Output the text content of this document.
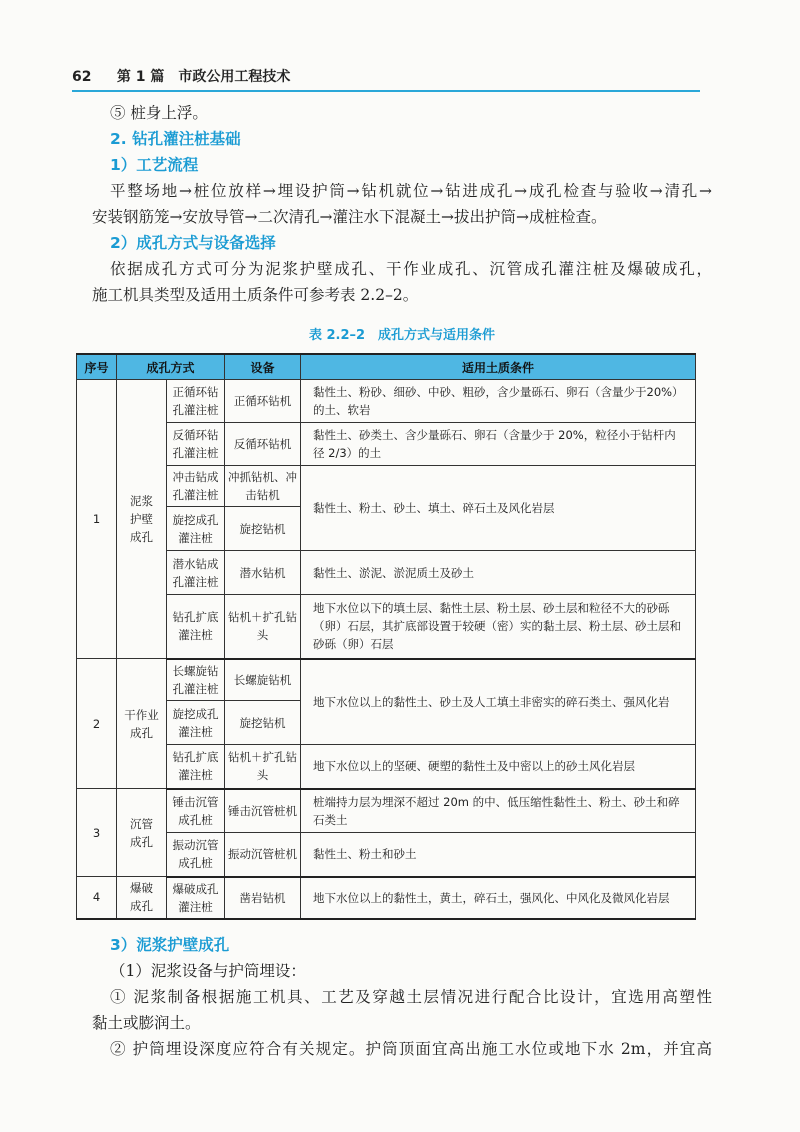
62 第 1 篇　市政公用工程技术

⑤ 桩身上浮。

2. 钻孔灌注桩基础

1）工艺流程

平整场地→桩位放样→埋设护筒→钻机就位→钻进成孔→成孔检查与验收→清孔→

安装钢筋笼→安放导管→二次清孔→灌注水下混凝土→拔出护筒→成桩检查。

2）成孔方式与设备选择

依据成孔方式可分为泥浆护壁成孔、干作业成孔、沉管成孔灌注桩及爆破成孔，

施工机具类型及适用土质条件可参考表 2.2–2。

表 2.2–2　成孔方式与适用条件
序号	成孔方式		设备	适用土质条件
1	泥浆护壁成孔	正循环钻孔灌注桩	正循环钻机	黏性土、粉砂、细砂、中砂、粗砂，含少量砾石、卵石（含量少于20%）的土、软岩
		反循环钻孔灌注桩	反循环钻机	黏性土、砂类土、含少量砾石、卵石（含量少于 20%，粒径小于钻杆内径 2/3）的土
		冲击钻成孔灌注桩	冲抓钻机、冲击钻机	黏性土、粉土、砂土、填土、碎石土及风化岩层
		旋挖成孔灌注桩	旋挖钻机	
		潜水钻成孔灌注桩	潜水钻机	黏性土、淤泥、淤泥质土及砂土
		钻孔扩底灌注桩	钻机＋扩孔钻头	地下水位以下的填土层、黏性土层、粉土层、砂土层和粒径不大的砂砾（卵）石层，其扩底部设置于较硬（密）实的黏土层、粉土层、砂土层和砂砾（卵）石层
2	干作业成孔	长螺旋钻孔灌注桩	长螺旋钻机	地下水位以上的黏性土、砂土及人工填土非密实的碎石类土、强风化岩
		旋挖成孔灌注桩	旋挖钻机	
		钻孔扩底灌注桩	钻机＋扩孔钻头	地下水位以上的坚硬、硬塑的黏性土及中密以上的砂土风化岩层
3	沉管成孔	锤击沉管成孔桩	锤击沉管桩机	桩端持力层为埋深不超过 20m 的中、低压缩性黏性土、粉土、砂土和碎石类土
		振动沉管成孔桩	振动沉管桩机	黏性土、粉土和砂土
4	爆破成孔	爆破成孔灌注桩	凿岩钻机	地下水位以上的黏性土，黄土，碎石土，强风化、中风化及微风化岩层

3）泥浆护壁成孔

（1）泥浆设备与护筒埋设：

① 泥浆制备根据施工机具、工艺及穿越土层情况进行配合比设计，宜选用高塑性

黏土或膨润土。

② 护筒埋设深度应符合有关规定。护筒顶面宜高出施工水位或地下水 2m，并宜高
